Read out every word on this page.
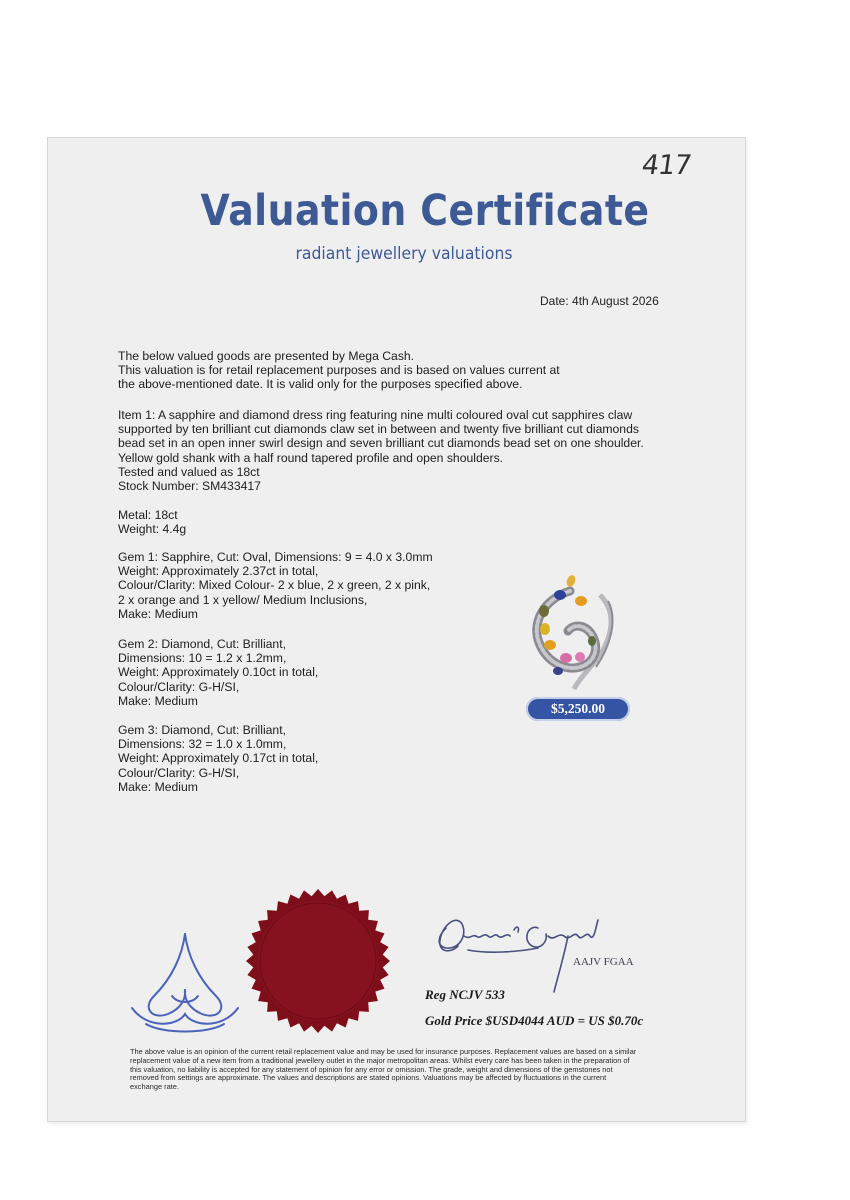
417
Valuation Certificate
radiant jewellery valuations
Date: 4th August 2026
The below valued goods are presented by Mega Cash.
This valuation is for retail replacement purposes and is based on values current at
the above-mentioned date. It is valid only for the purposes specified above.
Item 1: A sapphire and diamond dress ring featuring nine multi coloured oval cut sapphires claw
supported by ten brilliant cut diamonds claw set in between and twenty five brilliant cut diamonds
bead set in an open inner swirl design and seven brilliant cut diamonds bead set on one shoulder.
Yellow gold shank with a half round tapered profile and open shoulders.
Tested and valued as 18ct
Stock Number: SM433417
Metal: 18ct
Weight: 4.4g
Gem 1: Sapphire, Cut: Oval, Dimensions: 9 = 4.0 x 3.0mm
Weight: Approximately 2.37ct in total,
Colour/Clarity: Mixed Colour- 2 x blue, 2 x green, 2 x pink,
2 x orange and 1 x yellow/ Medium Inclusions,
Make: Medium
Gem 2: Diamond, Cut: Brilliant,
Dimensions: 10 = 1.2 x 1.2mm,
Weight: Approximately 0.10ct in total,
Colour/Clarity: G-H/SI,
Make: Medium
Gem 3: Diamond, Cut: Brilliant,
Dimensions: 32 = 1.0 x 1.0mm,
Weight: Approximately 0.17ct in total,
Colour/Clarity: G-H/SI,
Make: Medium
$5,250.00
AAJV FGAA
Reg NCJV 533
Gold Price $USD4044 AUD = US $0.70c
The above value is an opinion of the current retail replacement value and may be used for insurance purposes. Replacement values are based on a similar
replacement value of a new item from a traditional jewellery outlet in the major metropolitan areas. Whilst every care has been taken in the preparation of
this valuation, no liability is accepted for any statement of opinion for any error or omission. The grade, weight and dimensions of the gemstones not
removed from settings are approximate. The values and descriptions are stated opinions. Valuations may be affected by fluctuations in the current
exchange rate.
